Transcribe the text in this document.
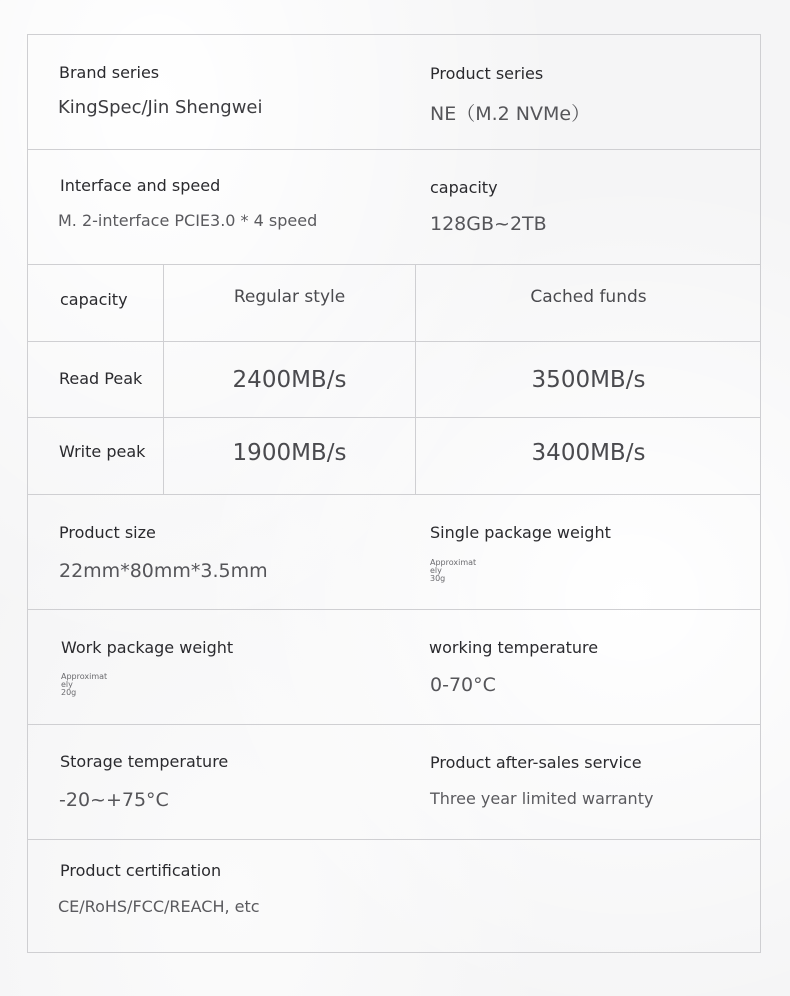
Brand series
KingSpec/Jin Shengwei
Product series
NE（M.2 NVMe）
Interface and speed
M. 2-interface PCIE3.0 * 4 speed
capacity
128GB~2TB
capacity	Regular style	Cached funds
Read Peak	2400MB/s	3500MB/s
Write peak	1900MB/s	3400MB/s
Product size
22mm*80mm*3.5mm
Single package weight
Approximat ely
30g
Work package weight
Approximat ely
20g
working temperature
0-70°C
Storage temperature
-20~+75°C
Product after-sales service
Three year limited warranty
Product certification
CE/RoHS/FCC/REACH, etc
